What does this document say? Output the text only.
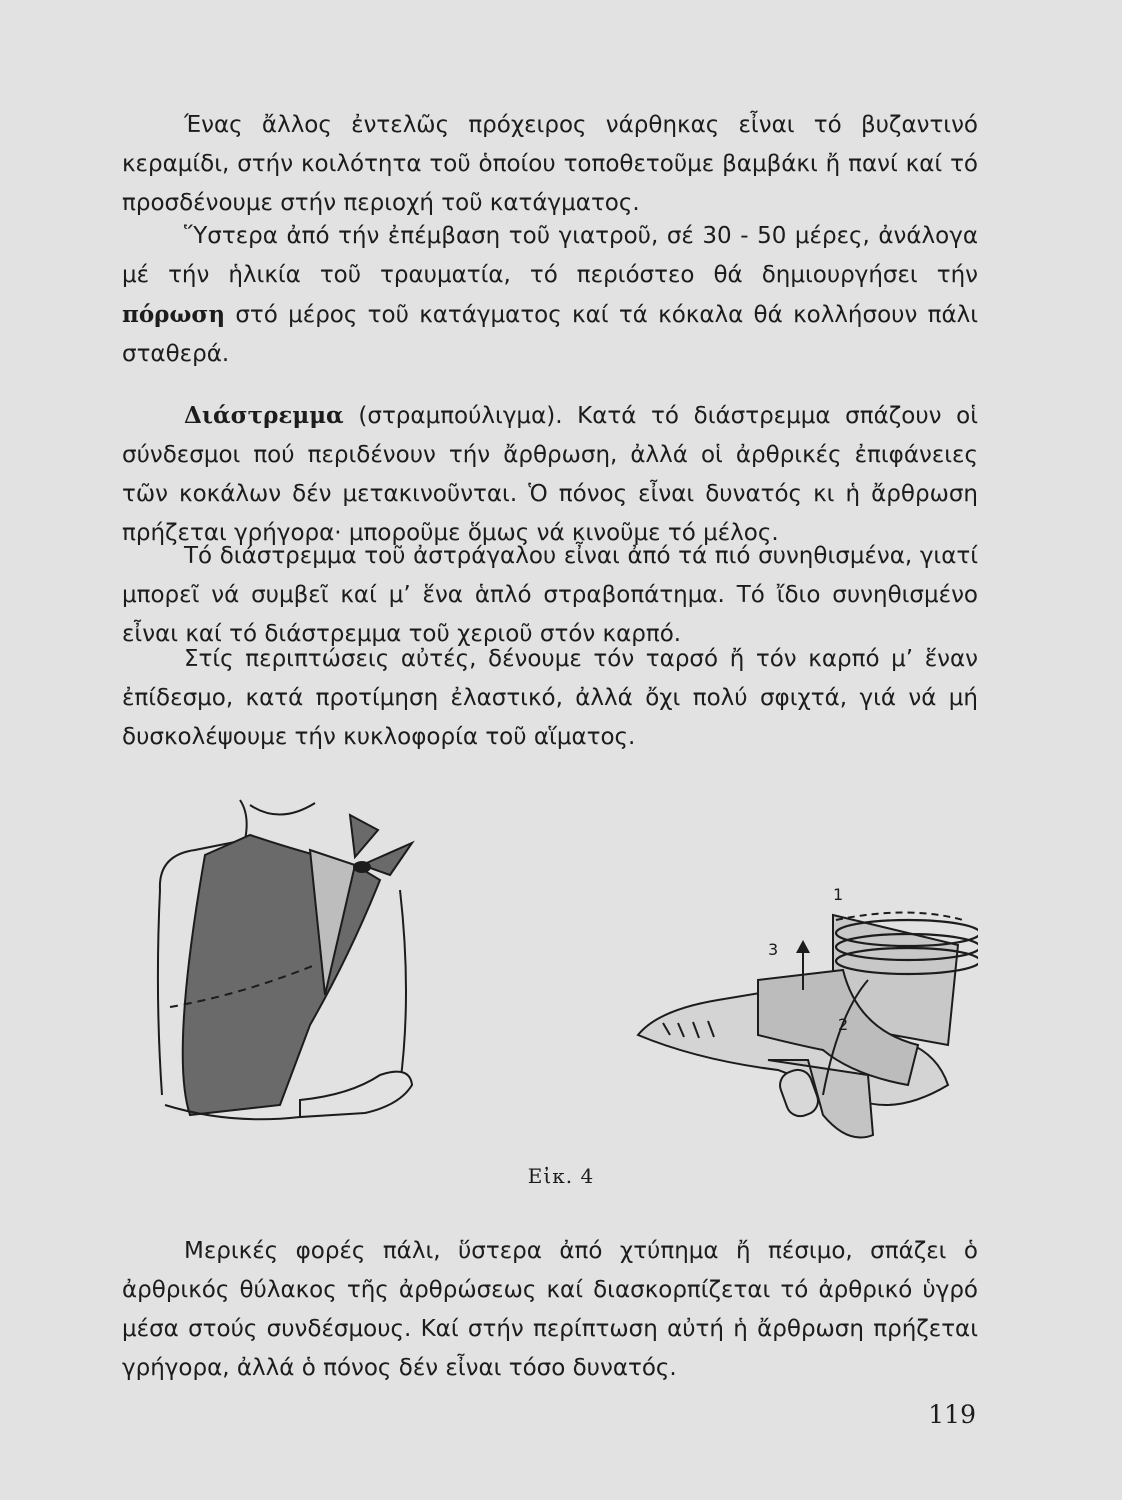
Ένας ἄλλος ἐντελῶς πρόχειρος νάρθηκας εἶναι τό βυζαντινό κεραμίδι, στήν κοιλότητα τοῦ ὁποίου τοποθετοῦμε βαμβάκι ἤ πανί καί τό προσδένουμε στήν περιοχή τοῦ κατάγματος.

Ὕστερα ἀπό τήν ἐπέμβαση τοῦ γιατροῦ, σέ 30 - 50 μέρες, ἀνάλογα μέ τήν ἡλικία τοῦ τραυματία, τό περιόστεο θά δημιουργήσει τήν πόρωση στό μέρος τοῦ κατάγματος καί τά κόκαλα θά κολλήσουν πάλι σταθερά.

Διάστρεμμα (στραμπούλιγμα). Κατά τό διάστρεμμα σπάζουν οἱ σύνδεσμοι πού περιδένουν τήν ἄρθρωση, ἀλλά οἱ ἀρθρικές ἐπιφάνειες τῶν κοκάλων δέν μετακινοῦνται. Ὁ πόνος εἶναι δυνατός κι ἡ ἄρθρωση πρήζεται γρήγορα· μποροῦμε ὅμως νά κινοῦμε τό μέλος.

Τό διάστρεμμα τοῦ ἀστράγαλου εἶναι ἀπό τά πιό συνηθισμένα, γιατί μπορεῖ νά συμβεῖ καί μ’ ἕνα ἁπλό στραβοπάτημα. Τό ἴδιο συνηθισμένο εἶναι καί τό διάστρεμμα τοῦ χεριοῦ στόν καρπό.

Στίς περιπτώσεις αὐτές, δένουμε τόν ταρσό ἤ τόν καρπό μ’ ἕναν ἐπίδεσμο, κατά προτίμηση ἐλαστικό, ἀλλά ὄχι πολύ σφιχτά, γιά νά μή δυσκολέψουμε τήν κυκλοφορία τοῦ αἵματος.

1
2
3
Εἰκ. 4

Μερικές φορές πάλι, ὕστερα ἀπό χτύπημα ἤ πέσιμο, σπάζει ὁ ἀρθρικός θύλακος τῆς ἀρθρώσεως καί διασκορπίζεται τό ἀρθρικό ὑγρό μέσα στούς συνδέσμους. Καί στήν περίπτωση αὐτή ἡ ἄρθρωση πρήζεται γρήγορα, ἀλλά ὁ πόνος δέν εἶναι τόσο δυνατός.

119
